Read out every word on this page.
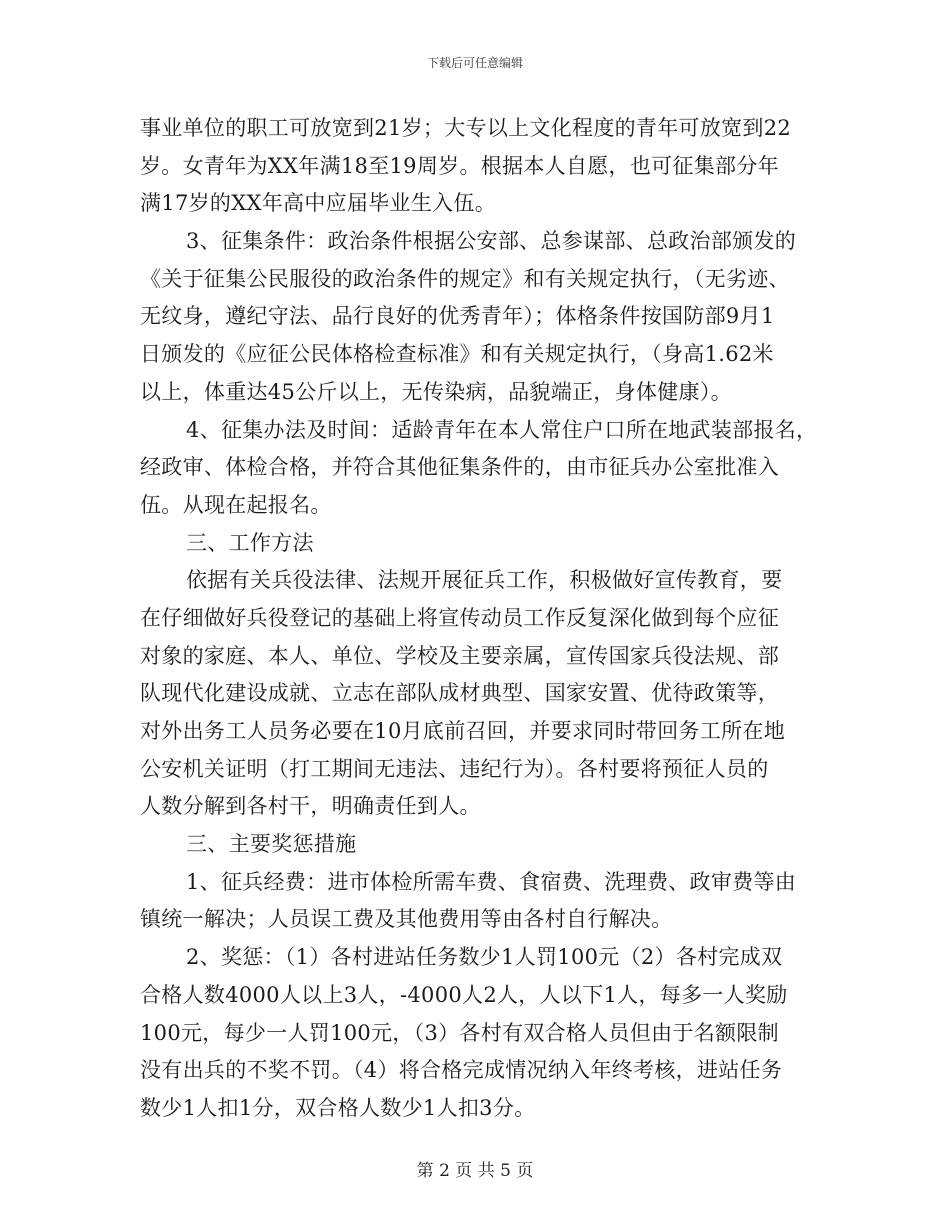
下载后可任意编辑
事业单位的职工可放宽到21岁；大专以上文化程度的青年可放宽到22
岁。女青年为XX年满18至19周岁。根据本人自愿，也可征集部分年
满17岁的XX年高中应届毕业生入伍。
3、征集条件：政治条件根据公安部、总参谋部、总政治部颁发的
《关于征集公民服役的政治条件的规定》和有关规定执行，（无劣迹、
无纹身，遵纪守法、品行良好的优秀青年）；体格条件按国防部9月1
日颁发的《应征公民体格检查标准》和有关规定执行，（身高1.62米
以上，体重达45公斤以上，无传染病，品貌端正，身体健康）。
4、征集办法及时间：适龄青年在本人常住户口所在地武装部报名，
经政审、体检合格，并符合其他征集条件的，由市征兵办公室批准入
伍。从现在起报名。
三、工作方法
依据有关兵役法律、法规开展征兵工作，积极做好宣传教育，要
在仔细做好兵役登记的基础上将宣传动员工作反复深化做到每个应征
对象的家庭、本人、单位、学校及主要亲属，宣传国家兵役法规、部
队现代化建设成就、立志在部队成材典型、国家安置、优待政策等，
对外出务工人员务必要在10月底前召回，并要求同时带回务工所在地
公安机关证明（打工期间无违法、违纪行为）。各村要将预征人员的
人数分解到各村干，明确责任到人。
三、主要奖惩措施
1、征兵经费：进市体检所需车费、食宿费、洗理费、政审费等由
镇统一解决；人员误工费及其他费用等由各村自行解决。
2、奖惩：（1）各村进站任务数少1人罚100元（2）各村完成双
合格人数4000人以上3人，-4000人2人，人以下1人，每多一人奖励
100元，每少一人罚100元，（3）各村有双合格人员但由于名额限制
没有出兵的不奖不罚。（4）将合格完成情况纳入年终考核，进站任务
数少1人扣1分，双合格人数少1人扣3分。
第 2 页 共 5 页
